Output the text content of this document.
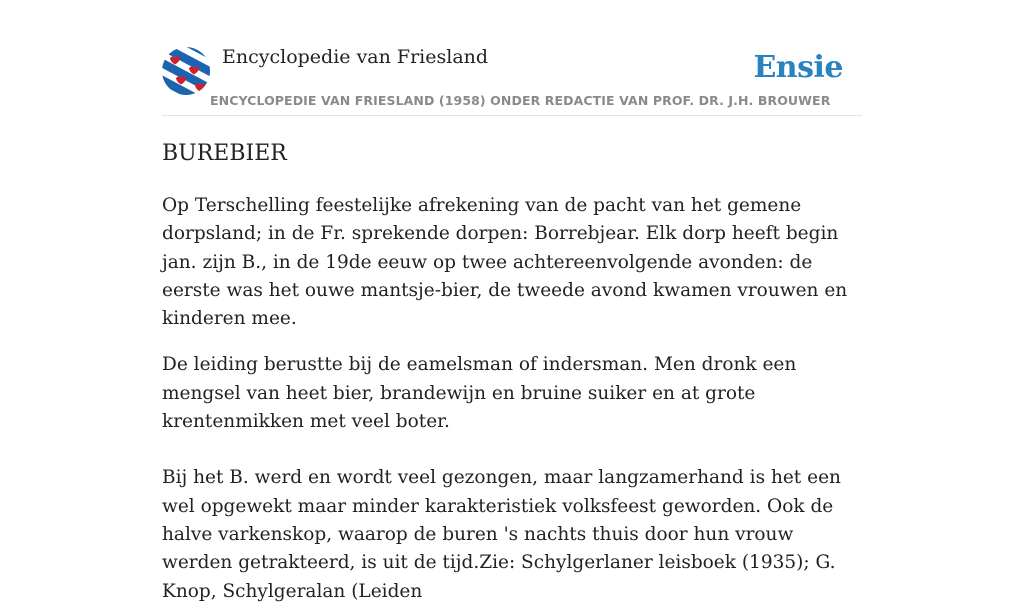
Encyclopedie van Friesland	Ensie
ENCYCLOPEDIE VAN FRIESLAND (1958) ONDER REDACTIE VAN PROF. DR. J.H. BROUWER
BUREBIER

Op Terschelling feestelijke afrekening van de pacht van het gemene dorpsland; in de Fr. sprekende dorpen: Borrebjear. Elk dorp heeft begin jan. zijn B., in de 19de eeuw op twee achtereenvolgende avonden: de eerste was het ouwe mantsje-bier, de tweede avond kwamen vrouwen en kinderen mee.

De leiding berustte bij de eamelsman of indersman. Men dronk een mengsel van heet bier, brandewijn en bruine suiker en at grote krentenmikken met veel boter.

Bij het B. werd en wordt veel gezongen, maar langzamerhand is het een wel opgewekt maar minder karakteristiek volksfeest geworden. Ook de halve varkenskop, waarop de buren 's nachts thuis door hun vrouw werden getrakteerd, is uit de tijd.Zie: Schylgerlaner leisboek (1935); G. Knop, Schylgeralan (Leiden
